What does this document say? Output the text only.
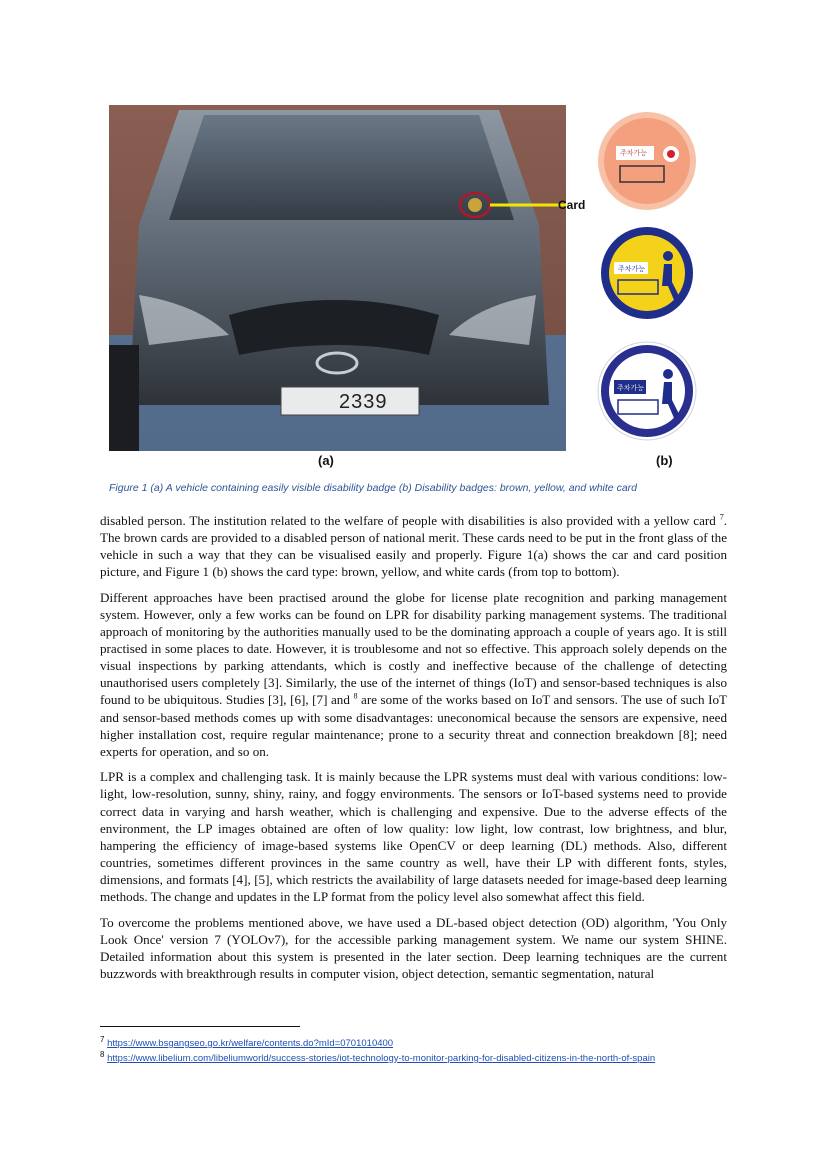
2339
Card
(a)	(b)
주차가능
주차가능
주차가능
Figure 1 (a) A vehicle containing easily visible disability badge (b) Disability badges: brown, yellow, and white card

disabled person. The institution related to the welfare of people with disabilities is also provided with a yellow card $^7$. The brown cards are provided to a disabled person of national merit. These cards need to be put in the front glass of the vehicle in such a way that they can be visualised easily and properly. Figure 1(a) shows the car and card position picture, and Figure 1 (b) shows the card type: brown, yellow, and white cards (from top to bottom).

Different approaches have been practised around the globe for license plate recognition and parking management system. However, only a few works can be found on LPR for disability parking management systems. The traditional approach of monitoring by the authorities manually used to be the dominating approach a couple of years ago. It is still practised in some places to date. However, it is troublesome and not so effective. This approach solely depends on the visual inspections by parking attendants, which is costly and ineffective because of the challenge of detecting unauthorised users completely [3]. Similarly, the use of the internet of things (IoT) and sensor-based techniques is also found to be ubiquitous. Studies [3], [6], [7] and $^8$ are some of the works based on IoT and sensors. The use of such IoT and sensor-based methods comes up with some disadvantages: uneconomical because the sensors are expensive, need higher installation cost, require regular maintenance; prone to a security threat and connection breakdown [8]; need experts for operation, and so on.

LPR is a complex and challenging task. It is mainly because the LPR systems must deal with various conditions: low-light, low-resolution, sunny, shiny, rainy, and foggy environments. The sensors or IoT-based systems need to provide correct data in varying and harsh weather, which is challenging and expensive. Due to the adverse effects of the environment, the LP images obtained are often of low quality: low light, low contrast, low brightness, and blur, hampering the efficiency of image-based systems like OpenCV or deep learning (DL) methods. Also, different countries, sometimes different provinces in the same country as well, have their LP with different fonts, styles, dimensions, and formats [4], [5], which restricts the availability of large datasets needed for image-based deep learning methods. The change and updates in the LP format from the policy level also somewhat affect this field.

To overcome the problems mentioned above, we have used a DL-based object detection (OD) algorithm, 'You Only Look Once' version 7 (YOLOv7), for the accessible parking management system. We name our system SHINE. Detailed information about this system is presented in the later section. Deep learning techniques are the current buzzwords with breakthrough results in computer vision, object detection, semantic segmentation, natural

$^7$ https://www.bsgangseo.go.kr/welfare/contents.do?mId=0701010400
$^8$ https://www.libelium.com/libeliumworld/success-stories/iot-technology-to-monitor-parking-for-disabled-citizens-in-the-north-of-spain
